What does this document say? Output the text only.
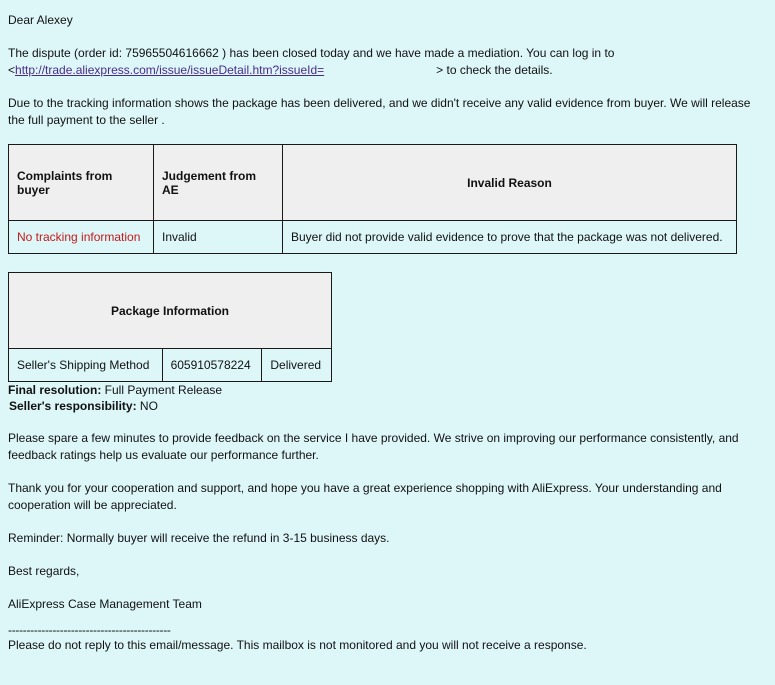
Dear Alexey

The dispute (order id: 75965504616662 ) has been closed today and we have made a mediation. You can log in to
<http://trade.aliexpress.com/issue/issueDetail.htm?issueId=	> to check the details.

Due to the tracking information shows the package has been delivered, and we didn't receive any valid evidence from buyer. We will release the full payment to the seller .

Complaints from buyer	Judgement from AE	Invalid Reason
No tracking information	Invalid	Buyer did not provide valid evidence to prove that the package was not delivered.
Package Information
Seller's Shipping Method	605910578224	Delivered
Final resolution: Full Payment Release
Seller's responsibility: NO

Please spare a few minutes to provide feedback on the service I have provided. We strive on improving our performance consistently, and feedback ratings help us evaluate our performance further.

Thank you for your cooperation and support, and hope you have a great experience shopping with AliExpress. Your understanding and cooperation will be appreciated.

Reminder: Normally buyer will receive the refund in 3-15 business days.

Best regards,

AliExpress Case Management Team

--------------------------------------------

Please do not reply to this email/message. This mailbox is not monitored and you will not receive a response.
